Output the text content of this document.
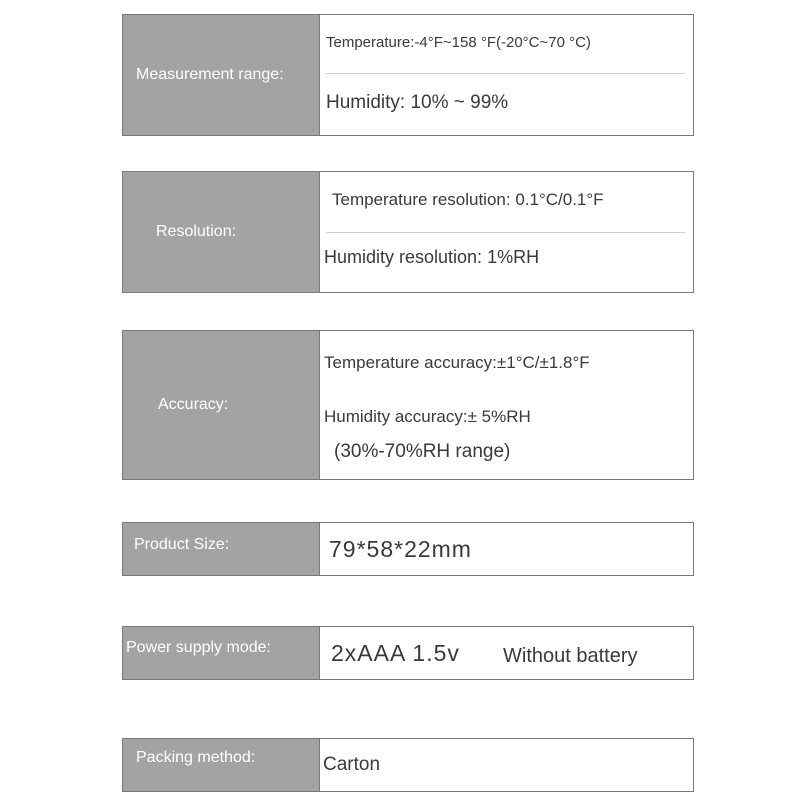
Measurement range:
Temperature:-4°F~158 °F(-20°C~70 °C)
Humidity: 10% ~ 99%
Resolution:
Temperature resolution: 0.1°C/0.1°F
Humidity resolution: 1%RH
Accuracy:
Temperature accuracy:±1°C/±1.8°F
Humidity accuracy:± 5%RH
(30%-70%RH range)
Product Size:	79*58*22mm
Power supply mode:	2xAAA 1.5v Without battery
Packing method:	Carton
